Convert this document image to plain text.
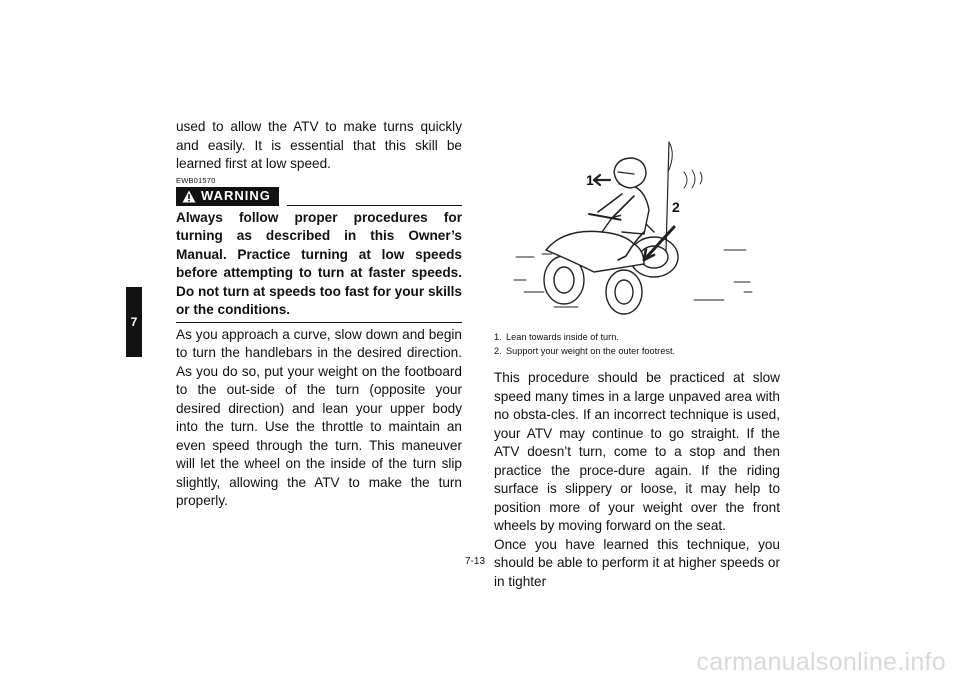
7

used to allow the ATV to make turns quickly and easily. It is essential that this skill be learned first at low speed.

EWB01570
WARNING

Always follow proper procedures for turning as described in this Owner’s Manual. Practice turning at low speeds before attempting to turn at faster speeds. Do not turn at speeds too fast for your skills or the conditions.

As you approach a curve, slow down and begin to turn the handlebars in the desired direction. As you do so, put your weight on the footboard to the out-side of the turn (opposite your desired direction) and lean your upper body into the turn. Use the throttle to maintain an even speed through the turn. This maneuver will let the wheel on the inside of the turn slip slightly, allowing the ATV to make the turn properly.

1
2
1. Lean towards inside of turn.
2. Support your weight on the outer footrest.

This procedure should be practiced at slow speed many times in a large unpaved area with no obsta-cles. If an incorrect technique is used, your ATV may continue to go straight. If the ATV doesn’t turn, come to a stop and then practice the proce-dure again. If the riding surface is slippery or loose, it may help to position more of your weight over the front wheels by moving forward on the seat.

Once you have learned this technique, you should be able to perform it at higher speeds or in tighter

7-13
carmanualsonline.info
